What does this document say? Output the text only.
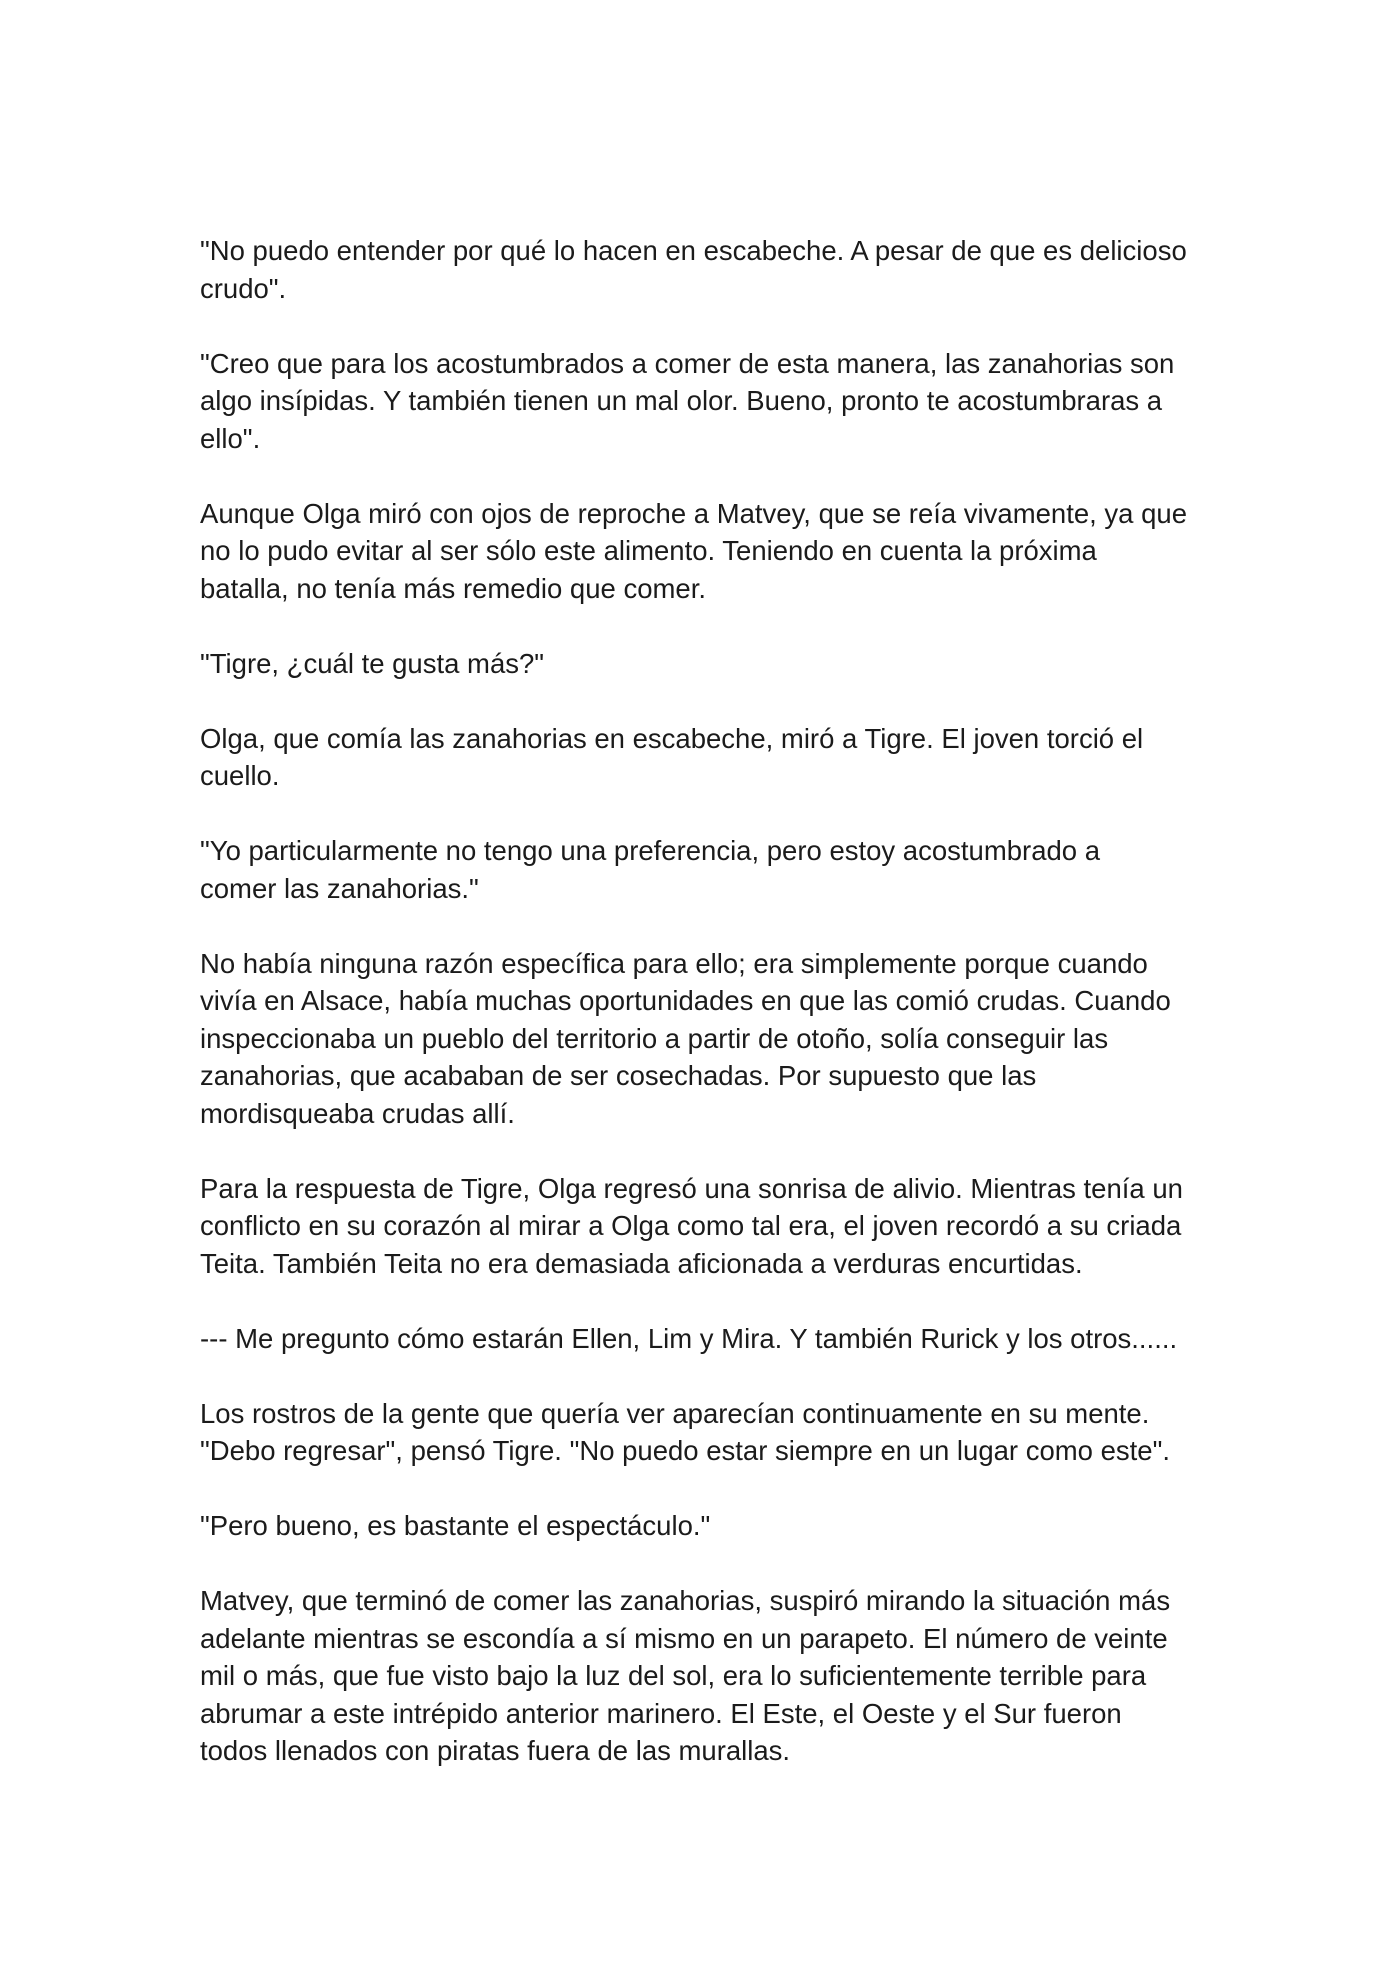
"No puedo entender por qué lo hacen en escabeche. A pesar de que es delicioso
crudo".

"Creo que para los acostumbrados a comer de esta manera, las zanahorias son
algo insípidas. Y también tienen un mal olor. Bueno, pronto te acostumbraras a
ello".

Aunque Olga miró con ojos de reproche a Matvey, que se reía vivamente, ya que
no lo pudo evitar al ser sólo este alimento. Teniendo en cuenta la próxima
batalla, no tenía más remedio que comer.

"Tigre, ¿cuál te gusta más?"

Olga, que comía las zanahorias en escabeche, miró a Tigre. El joven torció el
cuello.

"Yo particularmente no tengo una preferencia, pero estoy acostumbrado a
comer las zanahorias."

No había ninguna razón específica para ello; era simplemente porque cuando
vivía en Alsace, había muchas oportunidades en que las comió crudas. Cuando
inspeccionaba un pueblo del territorio a partir de otoño, solía conseguir las
zanahorias, que acababan de ser cosechadas. Por supuesto que las
mordisqueaba crudas allí.

Para la respuesta de Tigre, Olga regresó una sonrisa de alivio. Mientras tenía un
conflicto en su corazón al mirar a Olga como tal era, el joven recordó a su criada
Teita. También Teita no era demasiada aficionada a verduras encurtidas.

--- Me pregunto cómo estarán Ellen, Lim y Mira. Y también Rurick y los otros......

Los rostros de la gente que quería ver aparecían continuamente en su mente.
"Debo regresar", pensó Tigre. "No puedo estar siempre en un lugar como este".

"Pero bueno, es bastante el espectáculo."

Matvey, que terminó de comer las zanahorias, suspiró mirando la situación más
adelante mientras se escondía a sí mismo en un parapeto. El número de veinte
mil o más, que fue visto bajo la luz del sol, era lo suficientemente terrible para
abrumar a este intrépido anterior marinero. El Este, el Oeste y el Sur fueron
todos llenados con piratas fuera de las murallas.
